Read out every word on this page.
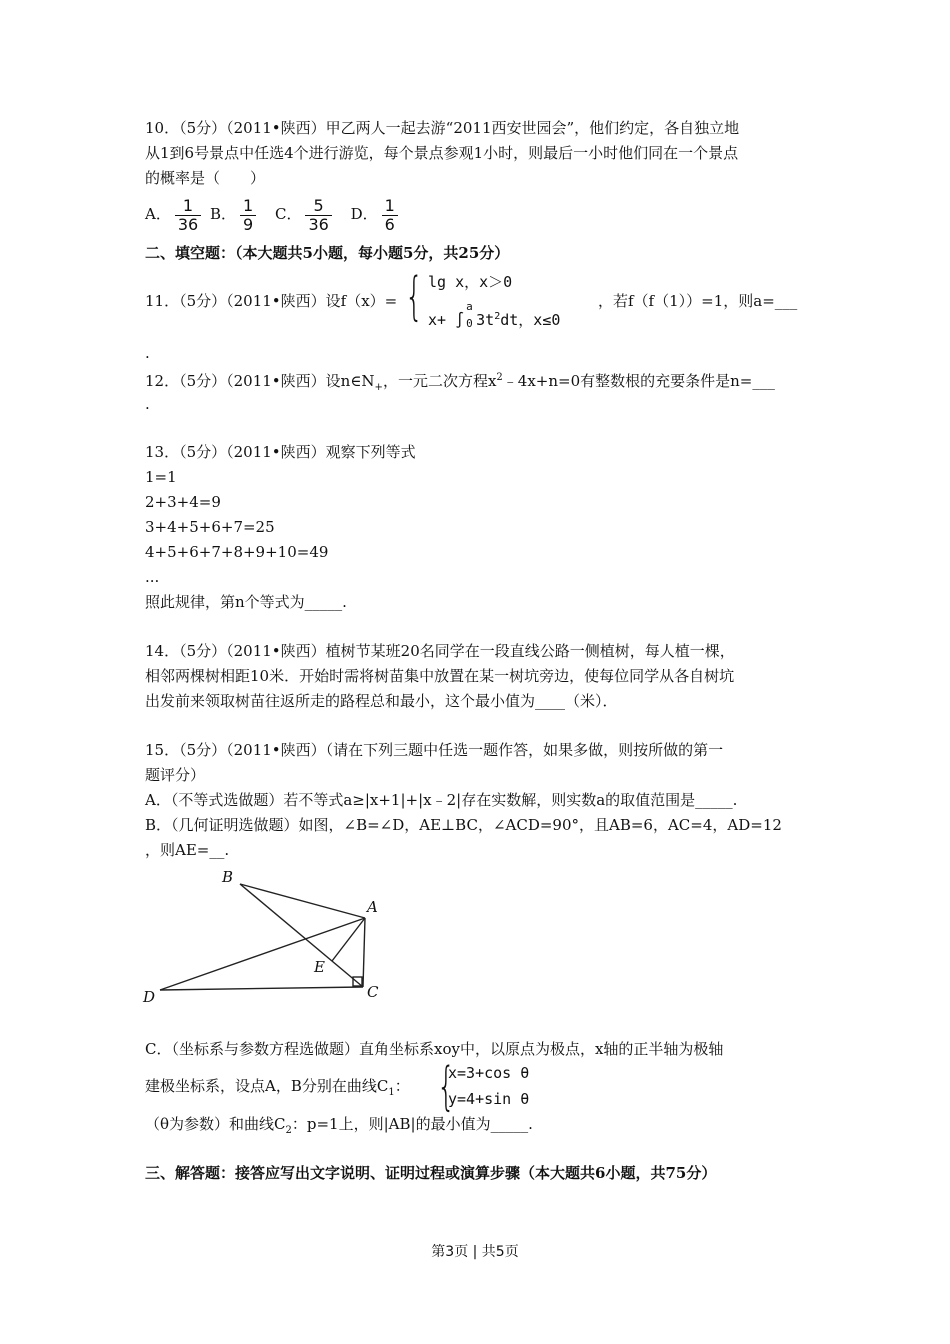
10．（5分）（2011•陕西）甲乙两人一起去游“2011西安世园会”，他们约定，各自独立地
从1到6号景点中任选4个进行游览，每个景点参观1小时，则最后一小时他们同在一个景点
的概率是（　　）
A． $\frac{1}{36}$ B． $\frac{1}{9}$ C． $\frac{5}{36}$ D． $\frac{1}{6}$
二、填空题：（本大题共5小题，每小题5分，共25分）
11．（5分）（2011•陕西）设f（x）= { lg x，x＞0
x+ ∫
a
0 $3t^2dt$，x≤0
，若f（f（1））=1，则a=___
.
12．（5分）（2011•陕西）设$n\in N_+$，一元二次方程$x^2﹣4x+n=0$有整数根的充要条件是n=___
.
13．（5分）（2011•陕西）观察下列等式
1=1
2+3+4=9
3+4+5+6+7=25
4+5+6+7+8+9+10=49
...
照此规律，第n个等式为_____.
14．（5分）（2011•陕西）植树节某班20名同学在一段直线公路一侧植树，每人植一棵，
相邻两棵树相距10米．开始时需将树苗集中放置在某一树坑旁边，使每位同学从各自树坑
出发前来领取树苗往返所走的路程总和最小，这个最小值为____（米）．
15．（5分）（2011•陕西）（请在下列三题中任选一题作答，如果多做，则按所做的第一
题评分）
A．（不等式选做题）若不等式a≥|x+1|+|x﹣2|存在实数解，则实数a的取值范围是_____.
B．（几何证明选做题）如图，∠B=∠D，AE⊥BC，∠ACD=90°，且AB=6，AC=4，AD=12
，则AE=__.
B
A
E
D	C
C．（坐标系与参数方程选做题）直角坐标系xoy中，以原点为极点，x轴的正半轴为极轴
建极坐标系，设点A，B分别在曲线$C_1$： {
x=3+cos θ
y=4+sin θ
（θ为参数）和曲线$C_2$：p=1上，则|AB|的最小值为_____.
三、解答题：接答应写出文字说明、证明过程或演算步骤（本大题共6小题，共75分）
第3页 | 共5页
